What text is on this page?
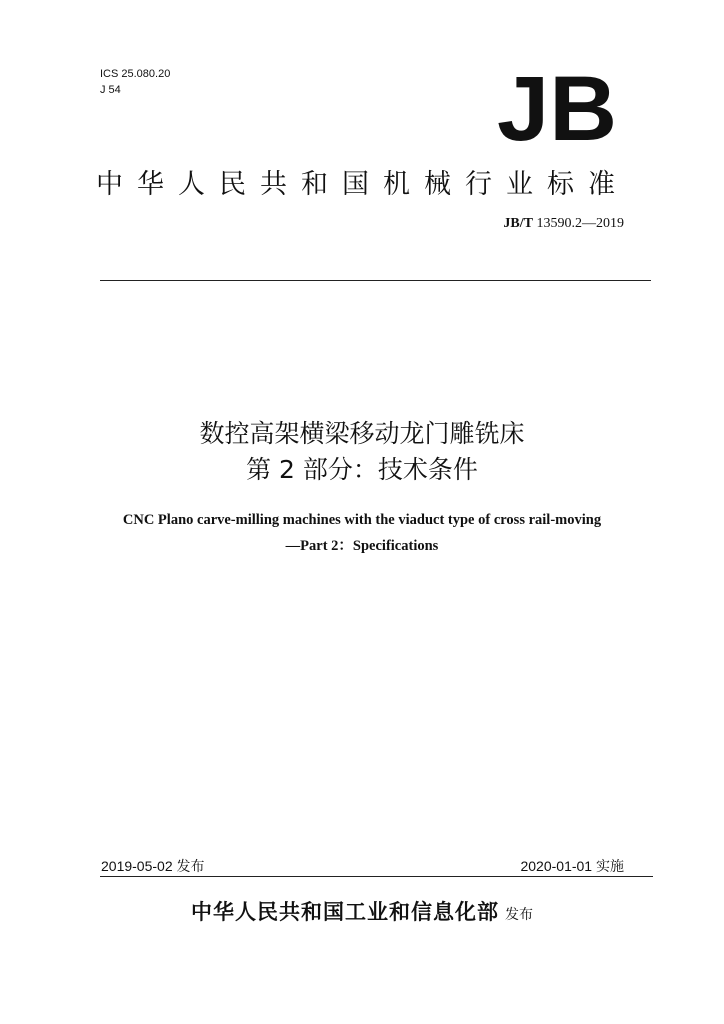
ICS 25.080.20
J 54	JB
中华人民共和国机械行业标准
JB/T 13590.2—2019
数控高架横梁移动龙门雕铣床
第 2 部分：技术条件
CNC Plano carve-milling machines with the viaduct type of cross rail-moving
—Part 2：Specifications
2019-05-02 发布	2020-01-01 实施
中华人民共和国工业和信息化部 发布
